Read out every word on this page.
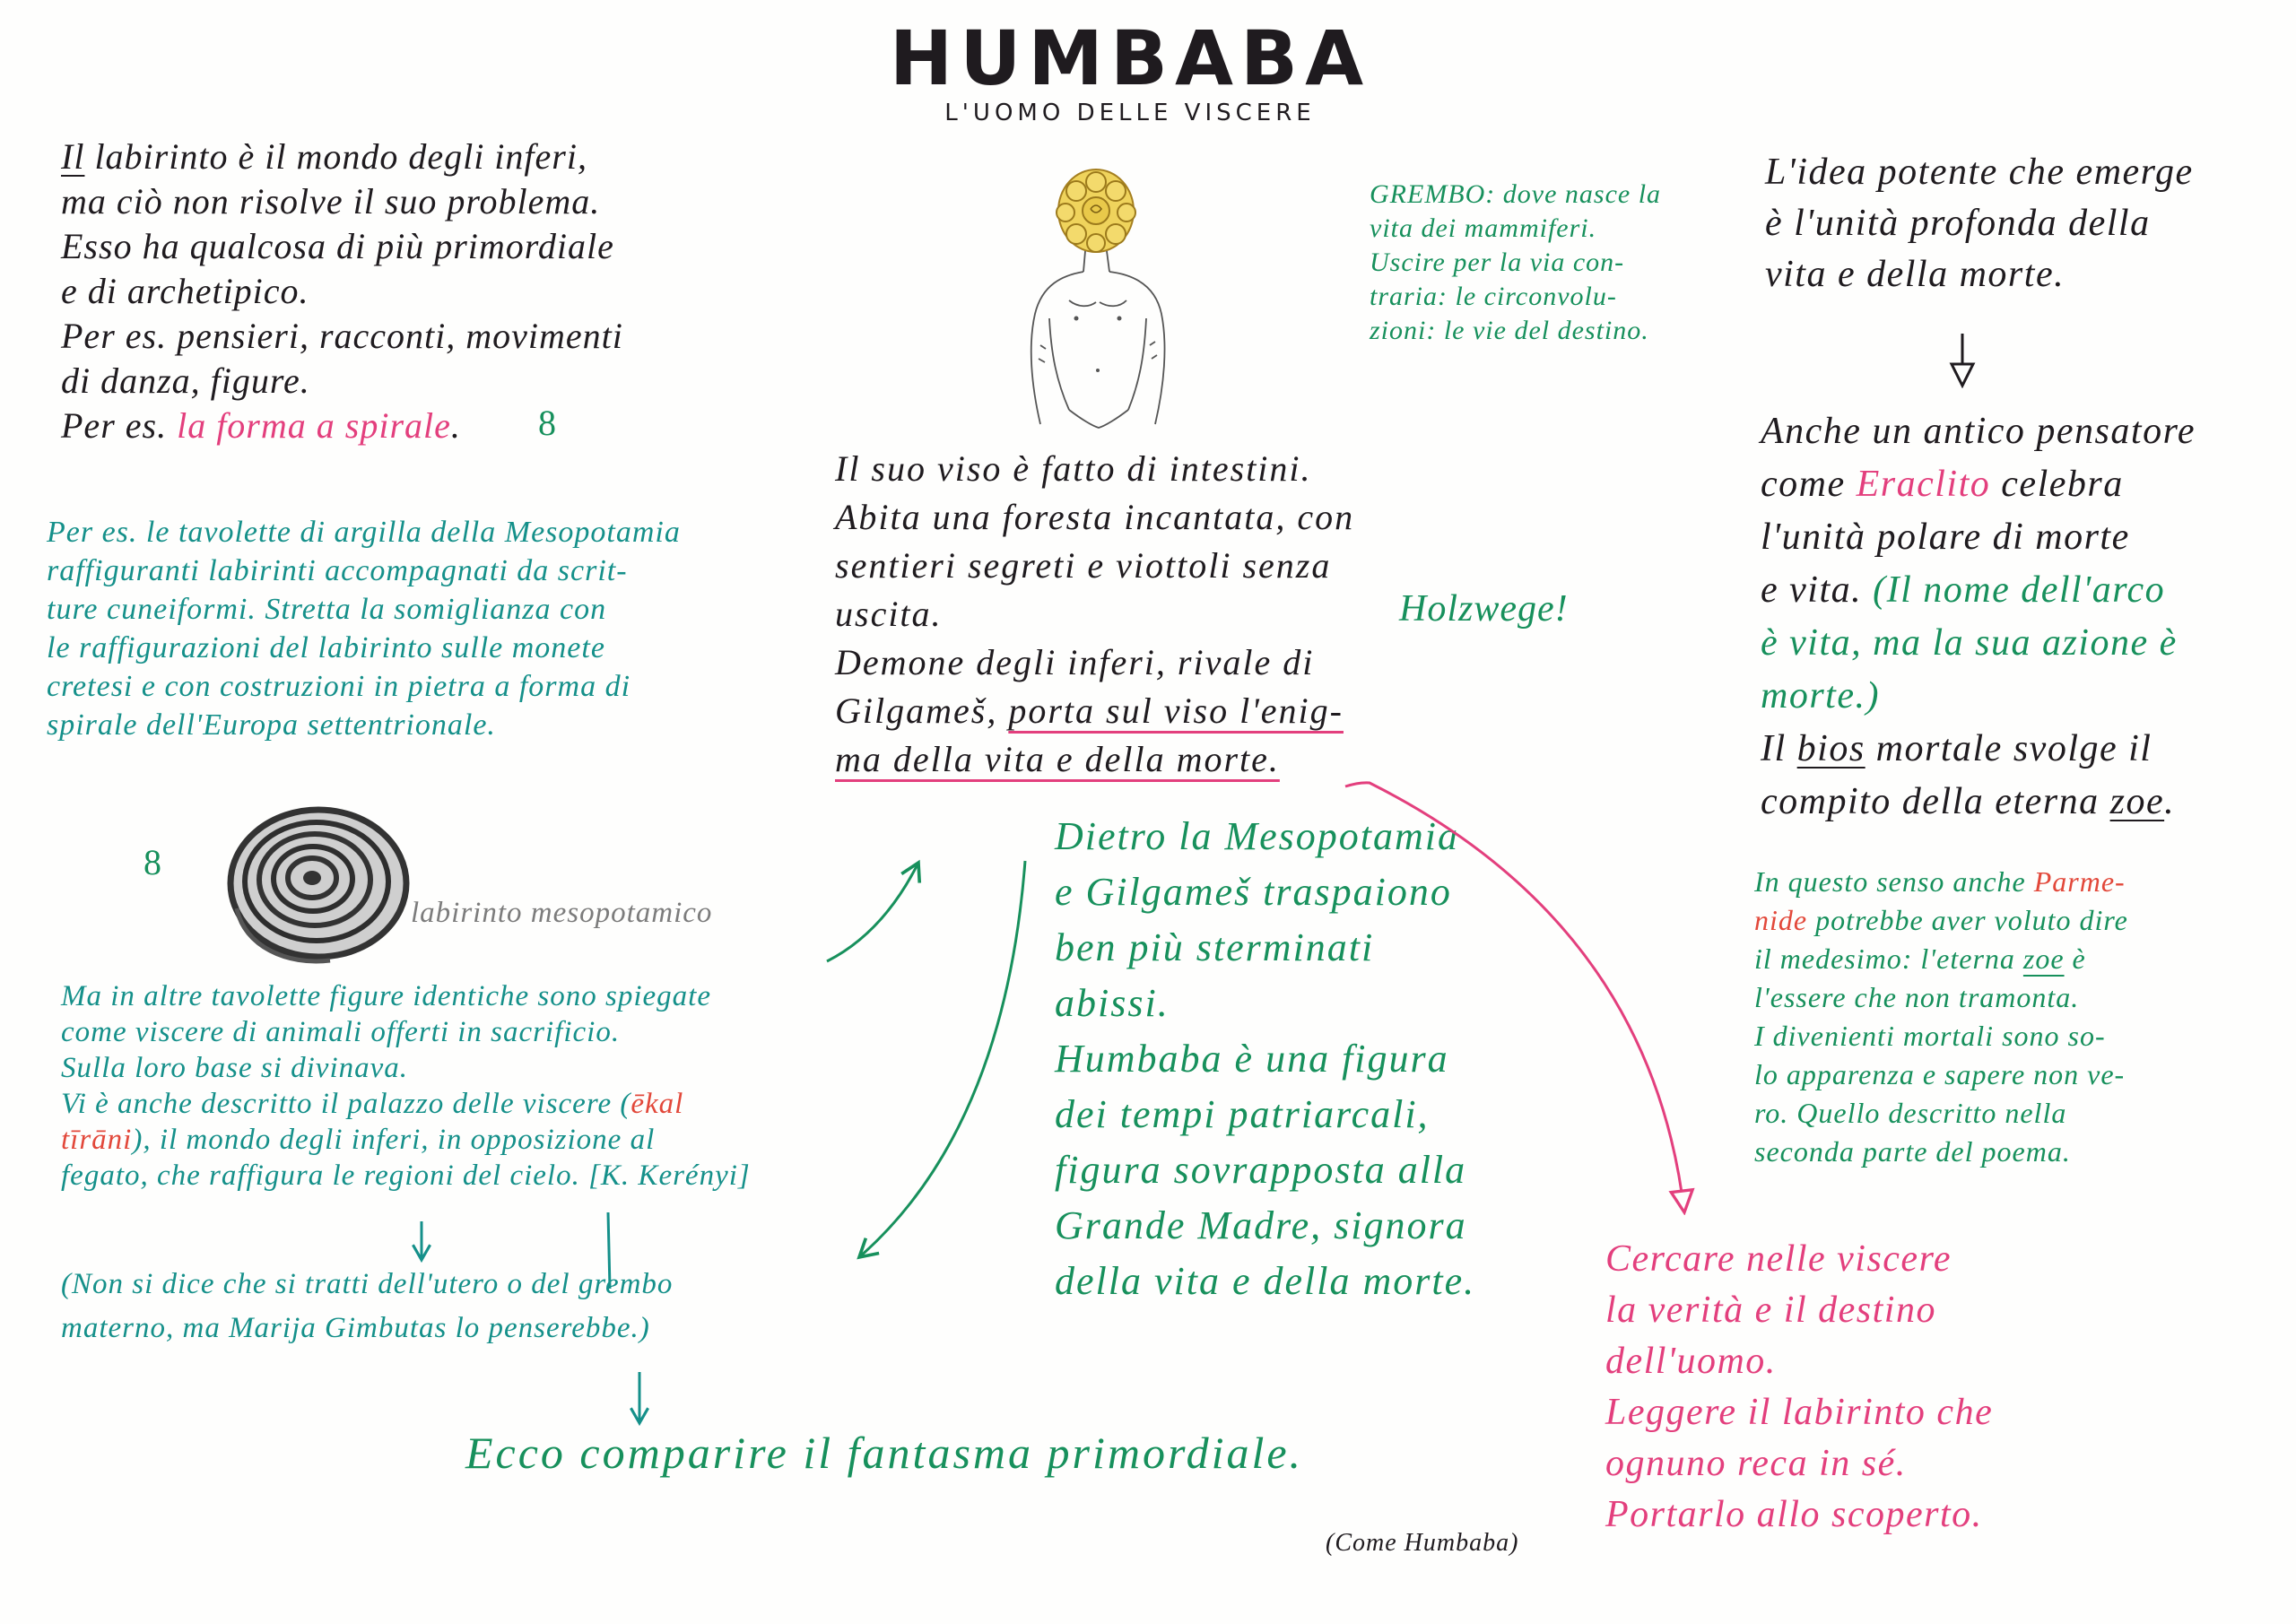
HUMBABA
L'UOMO DELLE VISCERE
Il labirinto è il mondo degli inferi,
ma ciò non risolve il suo problema.
Esso ha qualcosa di più primordiale
e di archetipico.
Per es. pensieri, racconti, movimenti
di danza, figure.
Per es. la forma a spirale.	8
Per es. le tavolette di argilla della Mesopotamia
raffiguranti labirinti accompagnati da scrit-
ture cuneiformi. Stretta la somiglianza con
le raffigurazioni del labirinto sulle monete
cretesi e con costruzioni in pietra a forma di
spirale dell'Europa settentrionale.
8
labirinto mesopotamico
Ma in altre tavolette figure identiche sono spiegate
come viscere di animali offerti in sacrificio.
Sulla loro base si divinava.
Vi è anche descritto il palazzo delle viscere (ēkal
tīrāni), il mondo degli inferi, in opposizione al
fegato, che raffigura le regioni del cielo. [K. Kerényi]
(Non si dice che si tratti dell'utero o del grembo
materno, ma Marija Gimbutas lo penserebbe.)
Ecco comparire il fantasma primordiale.
Il suo viso è fatto di intestini.
Abita una foresta incantata, con
sentieri segreti e viottoli senza
uscita.
Demone degli inferi, rivale di
Gilgameš, porta sul viso l'enig-
ma della vita e della morte.
Holzwege!
GREMBO: dove nasce la
vita dei mammiferi.
Uscire per la via con-
traria: le circonvolu-
zioni: le vie del destino.
Dietro la Mesopotamia
e Gilgameš traspaiono
ben più sterminati
abissi.
Humbaba è una figura
dei tempi patriarcali,
figura sovrapposta alla
Grande Madre, signora
della vita e della morte.
L'idea potente che emerge
è l'unità profonda della
vita e della morte.
Anche un antico pensatore
come Eraclito celebra
l'unità polare di morte
e vita. (Il nome dell'arco
è vita, ma la sua azione è
morte.)
Il bios mortale svolge il
compito della eterna zoe.
In questo senso anche Parme-
nide potrebbe aver voluto dire
il medesimo: l'eterna zoe è
l'essere che non tramonta.
I divenienti mortali sono so-
lo apparenza e sapere non ve-
ro. Quello descritto nella
seconda parte del poema.
Cercare nelle viscere
la verità e il destino
dell'uomo.
Leggere il labirinto che
ognuno reca in sé.
Portarlo allo scoperto.
(Come Humbaba)
